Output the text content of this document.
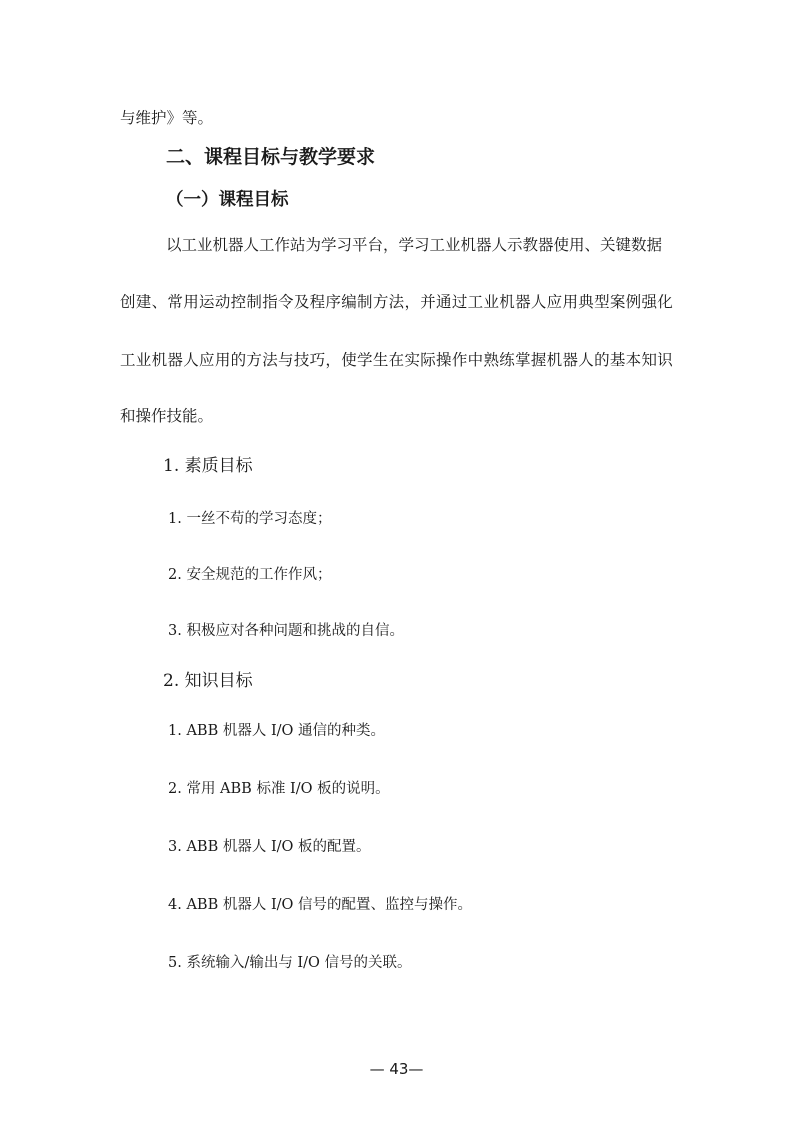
与维护》等。
二、课程目标与教学要求
（一）课程目标
以工业机器人工作站为学习平台，学习工业机器人示教器使用、关键数据
创建、常用运动控制指令及程序编制方法，并通过工业机器人应用典型案例强化
工业机器人应用的方法与技巧，使学生在实际操作中熟练掌握机器人的基本知识
和操作技能。
1. 素质目标
1. 一丝不苟的学习态度；
2. 安全规范的工作作风；
3. 积极应对各种问题和挑战的自信。
2. 知识目标
1. ABB 机器人 I/O 通信的种类。
2. 常用 ABB 标准 I/O 板的说明。
3. ABB 机器人 I/O 板的配置。
4. ABB 机器人 I/O 信号的配置、监控与操作。
5. 系统输入/输出与 I/O 信号的关联。
— 43—
